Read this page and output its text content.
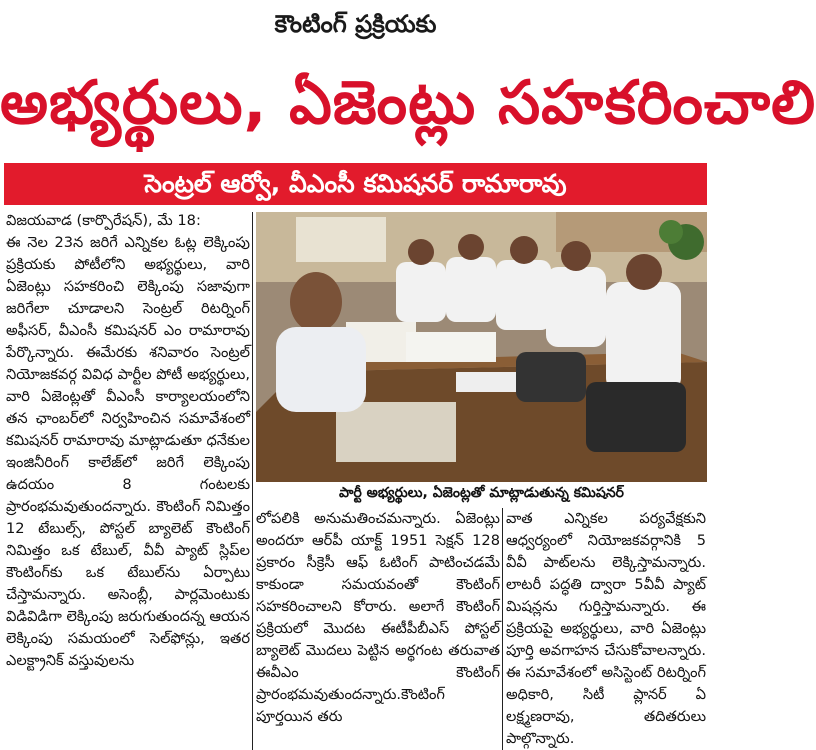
కౌంటింగ్ ప్రక్రియకు
అభ్యర్థులు, ఏజెంట్లు సహకరించాలి
సెంట్రల్ ఆర్వో, వీఎంసీ కమిషనర్ రామారావు

విజయవాడ (కార్పొరేషన్), మే 18:

ఈ నెల 23న జరిగే ఎన్నికల ఓట్ల లెక్కింపు ప్రక్రియకు పోటీలోని అభ్యర్థులు, వారి ఏజెంట్లు సహకరించి లెక్కింపు సజావుగా జరిగేలా చూడాలని సెంట్రల్ రిటర్నింగ్ అఫీసర్, వీఎంసీ కమిషనర్ ఎం రామారావు పేర్కొన్నారు. ఈమేరకు శనివారం సెంట్రల్ నియోజకవర్గ వివిధ పార్టీల పోటీ అభ్యర్థులు, వారి ఏజెంట్లతో వీఎంసీ కార్యాలయంలోని తన ఛాంబర్‌లో నిర్వహించిన సమావేశంలో కమిషనర్ రామారావు మాట్లాడుతూ ధనేకుల ఇంజినీరింగ్ కాలేజ్‌లో జరిగే లెక్కింపు ఉదయం 8 గంటలకు ప్రారంభమవుతుందన్నారు. కౌంటింగ్ నిమిత్తం 12 టేబుల్స్, పోస్టల్ బ్యాలెట్ కౌంటింగ్ నిమిత్తం ఒక టేబుల్, వీవీ ప్యాట్ స్లిప్‌ల కౌంటింగ్‌కు ఒక టేబుల్‌ను ఏర్పాటు చేస్తామన్నారు. అసెంబ్లీ, పార్లమెంటుకు విడివిడిగా లెక్కింపు జరుగుతుందన్న ఆయన లెక్కింపు సమయంలో సెల్‌ఫోన్లు, ఇతర ఎలక్ట్రానిక్ వస్తువులను

పార్టీ అభ్యర్థులు, ఏజెంట్లతో మాట్లాడుతున్న కమిషనర్

లోపలికి అనుమతించమన్నారు. ఏజెంట్లు అందరూ ఆర్‌పీ యాక్ట్ 1951 సెక్షన్ 128 ప్రకారం సీక్రెసీ ఆఫ్ ఓటింగ్ పాటించడమే కాకుండా సమయవంతో కౌంటింగ్ సహకరించాలని కోరారు. అలాగే కౌంటింగ్ ప్రక్రియలో మొదట ఈటీపీబీఎస్ పోస్టల్ బ్యాలెట్ మొదలు పెట్టిన అర్థగంట తరువాత ఈవీఎం కౌంటింగ్ ప్రారంభమవుతుందన్నారు.కౌంటింగ్ పూర్తయిన తరు

వాత ఎన్నికల పర్యవేక్షకుని ఆధ్వర్యంలో నియోజకవర్గానికి 5 వీవీ పాట్‌లను లెక్కిస్తామన్నారు. లాటరీ పద్ధతి ద్వారా 5వీవీ ప్యాట్ మిషన్లను గుర్తిస్తామన్నారు. ఈ ప్రక్రియపై అభ్యర్థులు, వారి ఏజెంట్లు పూర్తి అవగాహన చేసుకోవాలన్నారు. ఈ సమావేశంలో అసిస్టెంట్ రిటర్నింగ్ అధికారి, సిటీ ప్లానర్ ఏ లక్ష్మణరావు, తదితరులు పాల్గొన్నారు.
